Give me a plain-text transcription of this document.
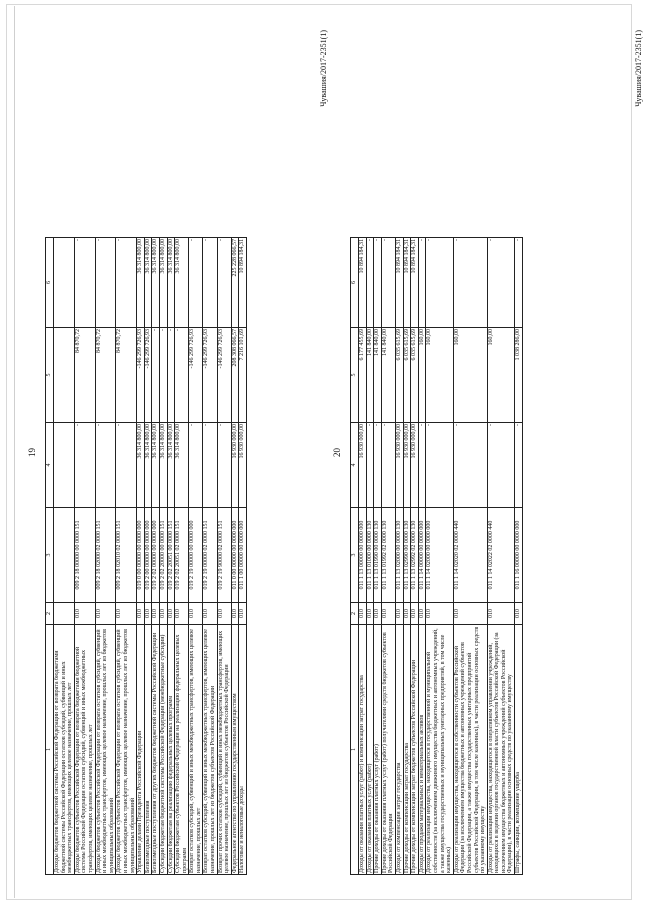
19
1	2	3	4	5	6
Доходы бюджетов бюджетной системы Российской Федерации от возврата бюджетами бюджетной системы Российской Федерации остатков субсидий, субвенций и иных межбюджетных трансфертов, имеющих целевое назначение, прошлых лет					
Доходы бюджетов субъектов Российской Федерации от возврата бюджетами бюджетной системы Российской Федерации остатков субсидий, субвенций и иных межбюджетных трансфертов, имеющих целевое назначение, прошлых лет	010	009 2 18 00000 00 0000 151	-	84 870,72	-
Доходы бюджетов субъектов Российской Федерации от возврата остатков субсидий, субвенций и иных межбюджетных трансфертов, имеющих целевое назначение, прошлых лет из бюджетов муниципальных образований	010	009 2 18 02000 02 0000 151	-	84 870,72	-
Доходы бюджетов субъектов Российской Федерации от возврата остатков субсидий, субвенций и иных межбюджетных трансфертов, имеющих целевое назначение, прошлых лет из бюджетов муниципальных образований	010	009 2 18 02010 02 0000 151	-	84 870,72	-
Управление делами Президента Российской Федерации	010	019 0 00 00000 00 0000 000	36 314 800,00	-146 299 726,93	36 314 800,00
Безвозмездные поступления	010	019 2 00 00000 00 0000 000	36 314 800,00	-146 299 726,93	36 314 800,00
Безвозмездные поступления от других бюджетов бюджетной системы Российской Федерации	010	019 2 02 00000 00 0000 000	36 314 800,00	-	36 314 800,00
Субсидии бюджетам бюджетной системы Российской Федерации (межбюджетные субсидии)	010	019 2 02 20000 00 0000 151	36 314 800,00	-	36 314 800,00
Субсидии бюджетам на реализацию федеральных целевых программ	010	019 2 02 20051 00 0000 151	36 314 800,00	-	36 314 800,00
Субсидии бюджетам субъектов Российской Федерации на реализацию федеральных целевых программ	010	019 2 02 20051 02 0000 151	36 314 800,00	-	36 314 800,00
Возврат остатков субсидий, субвенций и иных межбюджетных трансфертов, имеющих целевое назначение, прошлых лет	010	019 2 19 00000 00 0000 000	-	-146 299 726,93	-
Возврат остатков субсидий, субвенций и иных межбюджетных трансфертов, имеющих целевое назначение, прошлых лет из бюджетов субъектов Российской Федерации	010	019 2 19 00000 02 0000 151	-	-146 299 726,93	-
Возврат прочих остатков субсидий, субвенций и иных межбюджетных трансфертов, имеющих целевое назначение, прошлых лет из бюджетов субъектов Российской Федерации	010	019 2 19 90000 02 0000 151	-	-146 299 726,93	-
Федеральное агентство по управлению государственным имуществом	010	011 0 00 00000 00 0000 000	16 930 000,00	208 308 066,57	225 228 066,57
Налоговые и неналоговые доходы	010	011 1 00 00000 00 0000 000	16 930 000,00	7 216 101,69	10 894 184,31
Чувашия/2017-2351(1)
20
1	2	3	4	5	6
Доходы от оказания платных услуг (работ) и компенсации затрат государства	010	011 1 13 00000 00 0000 000	16 930 000,00	6 177 455,69	10 894 184,31
Доходы от оказания платных услуг (работ)	010	011 1 13 01000 00 0000 130	-	141 840,00	-
Прочие доходы от оказания платных услуг (работ)	010	011 1 13 01990 00 0000 130	-	141 840,00	-
Прочие доходы от оказания платных услуг (работ) получателями средств бюджетов субъектов Российской Федерации	010	011 1 13 01992 02 0000 130	-	141 840,00	-
Доходы от компенсации затрат государства	010	011 1 13 02000 00 0000 130	16 930 000,00	6 035 615,69	10 894 184,31
Прочие доходы от компенсации затрат государства	010	011 1 13 02990 00 0000 130	16 930 000,00	6 035 615,69	10 894 184,31
Прочие доходы от компенсации затрат бюджетов субъектов Российской Федерации	010	011 1 13 02992 02 0000 130	16 930 000,00	6 035 615,69	10 894 184,31
Доходы от продажи материальных и нематериальных активов	010	011 1 14 00000 00 0000 000	-	160,00	-
Доходы от реализации имущества, находящегося в государственной и муниципальной собственности (за исключением движимого имущества бюджетных и автономных учреждений, а также имущества государственных и муниципальных унитарных предприятий, в том числе казенных)	010	011 1 14 02000 00 0000 000	-	160,00	-
Доходы от реализации имущества, находящегося в собственности субъектов Российской Федерации (за исключением имущества бюджетных и автономных учреждений субъектов Российской Федерации, а также имущества государственных унитарных предприятий субъектов Российской Федерации, в том числе казенных), в части реализации основных средств по указанному имуществу	010	011 1 14 02020 02 0000 440	-	160,00	-
Доходы от реализации имущества, находящегося в оперативном управлении учреждений, находящихся в ведении органов государственной власти субъектов Российской Федерации (за исключением имущества бюджетных и автономных учреждений субъектов Российской Федерации), в части реализации основных средств по указанному имуществу	010	011 1 14 02022 02 0000 440	-	160,00	-
Штрафы, санкции, возмещение ущерба	010	011 1 16 00000 00 0000 000	-	1 038 286,00	-
Чувашия/2017-2351(1)
